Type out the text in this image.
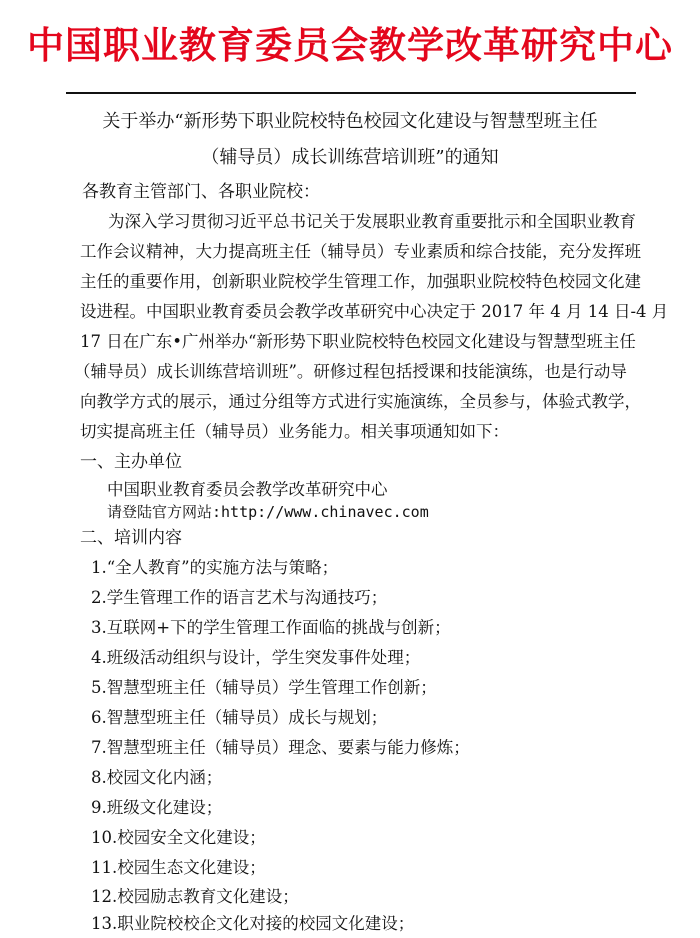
中国职业教育委员会教学改革研究中心
关于举办“新形势下职业院校特色校园文化建设与智慧型班主任
（辅导员）成长训练营培训班”的通知
各教育主管部门、各职业院校：
为深入学习贯彻习近平总书记关于发展职业教育重要批示和全国职业教育
工作会议精神，大力提高班主任（辅导员）专业素质和综合技能，充分发挥班
主任的重要作用，创新职业院校学生管理工作，加强职业院校特色校园文化建
设进程。中国职业教育委员会教学改革研究中心决定于 2017 年 4 月 14 日-4 月
17 日在广东•广州举办“新形势下职业院校特色校园文化建设与智慧型班主任
（辅导员）成长训练营培训班”。研修过程包括授课和技能演练，也是行动导
向教学方式的展示，通过分组等方式进行实施演练，全员参与，体验式教学，
切实提高班主任（辅导员）业务能力。相关事项通知如下：
一、主办单位
中国职业教育委员会教学改革研究中心
请登陆官方网站:http://www.chinavec.com
二、培训内容
1.“全人教育”的实施方法与策略；
2.学生管理工作的语言艺术与沟通技巧；
3.互联网+下的学生管理工作面临的挑战与创新；
4.班级活动组织与设计，学生突发事件处理；
5.智慧型班主任（辅导员）学生管理工作创新；
6.智慧型班主任（辅导员）成长与规划；
7.智慧型班主任（辅导员）理念、要素与能力修炼；
8.校园文化内涵；
9.班级文化建设；
10.校园安全文化建设；
11.校园生态文化建设；
12.校园励志教育文化建设；
13.职业院校校企文化对接的校园文化建设；
